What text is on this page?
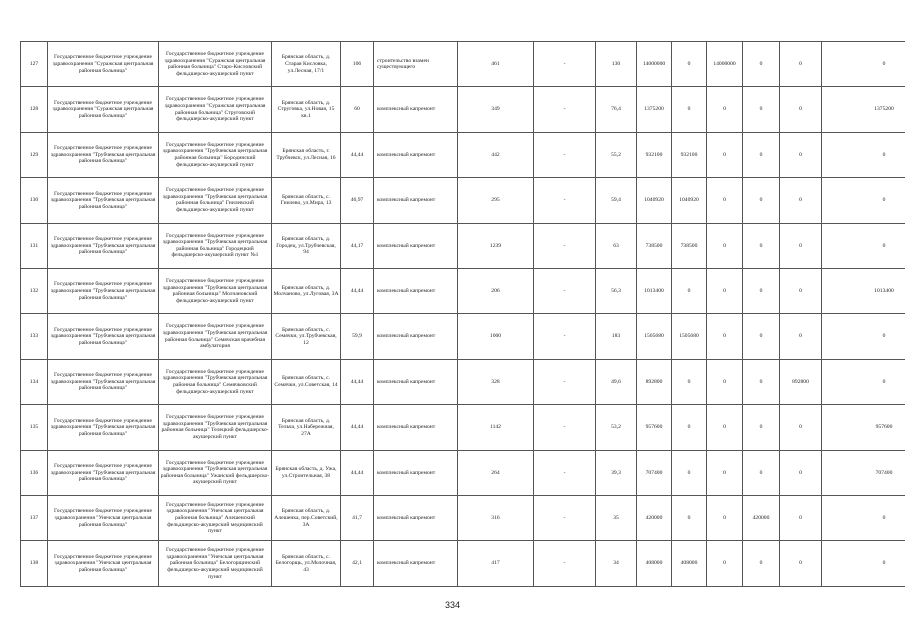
127	Государственное бюджетное учреждение здравоохранения "Суражская центральная районная больница"	Государственное бюджетное учреждение здравоохранения "Суражская центральная районная больница" Старо-Кисловский фельдшерско-акушерский пункт	Брянская область, д. Старая Кисловка, ул.Лесная, 17/1	106	строительство взамен существующего	461	-	130	14000000	0	14000000	0	0	0
128	Государственное бюджетное учреждение здравоохранения "Суражская центральная районная больница"	Государственное бюджетное учреждение здравоохранения "Суражская центральная районная больница" Струговский фельдшерско-акушерский пункт	Брянская область, д. Струговка, ул.Новая, 15 кв.1	60	комплексный капремонт	349	-	76,4	1375200	0	0	0	0	1375200
129	Государственное бюджетное учреждение здравоохранения "Трубчевская центральная районная больница"	Государственное бюджетное учреждение здравоохранения "Трубчевская центральная районная больница" Бородинский фельдшерско-акушерский пункт	Брянская область, г. Трубчевск, ул.Лесная, 16	44,44	комплексный капремонт	442	-	55,2	932100	932100	0	0	0	0
130	Государственное бюджетное учреждение здравоохранения "Трубчевская центральная районная больница"	Государственное бюджетное учреждение здравоохранения "Трубчевская центральная районная больница" Гнилевский фельдшерско-акушерский пункт	Брянская область, с. Гнилево, ул.Мира, 13	46,97	комплексный капремонт	295	-	59,4	1040920	1040920	0	0	0	0
131	Государственное бюджетное учреждение здравоохранения "Трубчевская центральная районная больница"	Государственное бюджетное учреждение здравоохранения "Трубчевская центральная районная больница" Городецкий фельдшерско-акушерский пункт №1	Брянская область, д. Городец, ул.Трубчевская, 94	44,17	комплексный капремонт	1239	-	63	738500	738500	0	0	0	0
132	Государственное бюджетное учреждение здравоохранения "Трубчевская центральная районная больница"	Государственное бюджетное учреждение здравоохранения "Трубчевская центральная районная больница" Молчановский фельдшерско-акушерский пункт	Брянская область, д. Молчаново, ул.Луговая, 3А	44,44	комплексный капремонт	206	-	56,3	1013400	0	0	0	0	1013400
133	Государственное бюджетное учреждение здравоохранения "Трубчевская центральная районная больница"	Государственное бюджетное учреждение здравоохранения "Трубчевская центральная районная больница" Семячская врачебная амбулатория	Брянская область, с. Семячки, ул.Трубчевская, 12	59,9	комплексный капремонт	1000	-	183	1505680	1505680	0	0	0	0
134	Государственное бюджетное учреждение здравоохранения "Трубчевская центральная районная больница"	Государственное бюджетное учреждение здравоохранения "Трубчевская центральная районная больница" Семячковский фельдшерско-акушерский пункт	Брянская область, с. Семячки, ул.Советская, 14	44,44	комплексный капремонт	328	-	49,6	892800	0	0	0	892800	0
135	Государственное бюджетное учреждение здравоохранения "Трубчевская центральная районная больница"	Государственное бюджетное учреждение здравоохранения "Трубчевская центральная районная больница" Телецкий фельдшерско-акушерский пункт	Брянская область, д. Тельча, ул.Набережная, 27А	44,44	комплексный капремонт	1142	-	53,2	957600	0	0	0	0	957600
136	Государственное бюджетное учреждение здравоохранения "Трубчевская центральная районная больница"	Государственное бюджетное учреждение здравоохранения "Трубчевская центральная районная больница" Ужанский фельдшерско-акушерский пункт	Брянская область, д. Ужа, ул.Строительная, 38	44,44	комплексный капремонт	264	-	39,3	707400	0	0	0	0	707400
137	Государственное бюджетное учреждение здравоохранения "Унечская центральная районная больница"	Государственное бюджетное учреждение здравоохранения "Унечская центральная районная больница" Алешенский фельдшерско-акушерский медицинский пункт	Брянская область, д. Алешенка, пер.Советский, 3А	41,7	комплексный капремонт	316	-	35	420000	0	0	420000	0	0
138	Государственное бюджетное учреждение здравоохранения "Унечская центральная районная больница"	Государственное бюджетное учреждение здравоохранения "Унечская центральная районная больница" Белогорщинский фельдшерско-акушерский медицинский пункт	Брянская область, с. Белогорщь, ул.Молочная, 43	42,1	комплексный капремонт	417	-	34	408000	408000	0	0	0	0
334
